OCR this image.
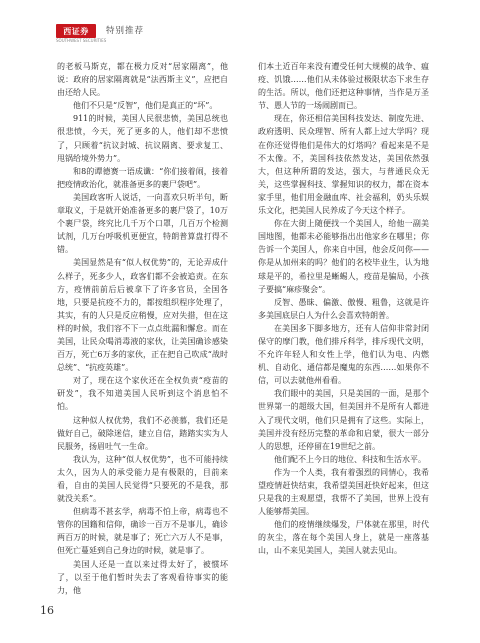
西证券
SOUTHWEST SECURITIES
特别推荐

的老板马斯克，都在极力反对“居家隔离”，他说：政府的居家隔离就是“法西斯主义”，应把自由还给人民。

他们不只是“反智”，他们是真正的“坏”。

911的时候，美国人民很悲愤，美国总统也很悲愤，今天，死了更多的人，他们却不悲愤了，只顾着“抗议封城、抗议隔离、要求复工、甩锅给境外势力”。

和8的谭德赛一语成谶：“你们接着闹，接着把疫情政治化，就准备更多的裹尸袋吧”。

美国政客听人说话，一向喜欢只听半句，断章取义，于是就开始准备更多的裹尸袋了，10万个裹尸袋，终究比几千万个口罩，几百万个检测试剂，几万台呼吸机更便宜，特朗普算盘打得不错。

美国显然是有“似人权优势”的，无论弄成什么样子，死多少人，政客们都不会被追责。在东方，疫情前前后后被拿下了许多官员，全国各地，只要是抗疫不力的，都按组织程序处理了，其实，有的人只是反应稍慢，应对失措，但在这样的时候，我们容不下一点点纰漏和懈怠。而在美国，让民众喝消毒液的家伙，让美国确诊感染百万，死亡6万多的家伙，正在把自己吹成“战时总统”、“抗疫英雄”。

对了，现在这个家伙还在全权负责“疫苗的研发”，我不知道美国人民听到这个消息怕不怕。

这种似人权优势，我们不必羡慕，我们还是做好自己，破除迷信，建立自信，踏踏实实为人民服务，扬眉吐气一生命。

我认为，这种“似人权优势”，也不可能持续太久，因为人的承受能力是有极限的，目前来看，自由的美国人民觉得“只要死的不是我，那就没关系”。

但病毒不甚玄学，病毒不怕上帝，病毒也不管你的国籍和信仰，确诊一百万不是事儿，确诊两百万的时候，就是事了；死亡六万人不是事，但死亡蔓延到自己身边的时候，就是事了。

美国人还是一直以来过得太好了，被惯坏了，以至于他们暂时失去了客观看待事实的能力，他

们本土近百年来没有遭受任何大规模的战争、瘟疫、饥饿……他们从未体验过极限状态下求生存的生活。所以，他们还把这种事情，当作是万圣节、愚人节的一场闹剧而已。

现在，你还相信美国科技发达、制度先进、政府透明、民众理智、所有人都上过大学吗？现在你还觉得他们是伟大的灯塔吗？看起来是不是不太像。不，美国科技依然发达，美国依然强大，但这种所谓的发达，强大，与普通民众无关，这些掌握科技、掌握知识的权力，都在资本家手里，他们用金融血库、社会福利，奶头乐娱乐文化，把美国人民养成了今天这个样子。

你在大街上随便找一个美国人，给他一副美国地图，他都未必能够指出出他家乡在哪里；你告诉一个美国人，你来自中国，他会反问你——你是从加州来的吗？他们的名校毕业生，认为地球是平的，希拉里是蜥蜴人，疫苗是骗局，小孩子要搞“麻疹聚会”。

反智、愚昧、偏激、傲慢、粗鲁，这就是许多美国底层白人为什么会喜欢特朗普。

在美国多下脚多地方，还有人信仰非常封闭保守的摩门教，他们排斥科学，排斥现代文明，不允许年轻人和女性上学，他们认为电、内燃机、自动化、通信都是魔鬼的东西……如果你不信，可以去就他州看看。

我们眼中的美国，只是美国的一面，是那个世界第一的超级大国，但美国并不是所有人都进入了现代文明，他们只是拥有了这些。实际上，美国并没有经历完整的革命和启蒙，很大一部分人的思想，还停留在19世纪之前。

他们配不上今日的地位、科技和生活水平。

作为一个人类，我有着强烈的同情心，我希望疫情赶快结束，我希望美国赶快好起来，但这只是我的主观愿望，我帮不了美国，世界上没有人能够帮美国。

他们的疫情继续爆发，尸体就在那里，时代的灰尘，落在每个美国人身上，就是一座落基山，山不来见美国人，美国人就去见山。

16
